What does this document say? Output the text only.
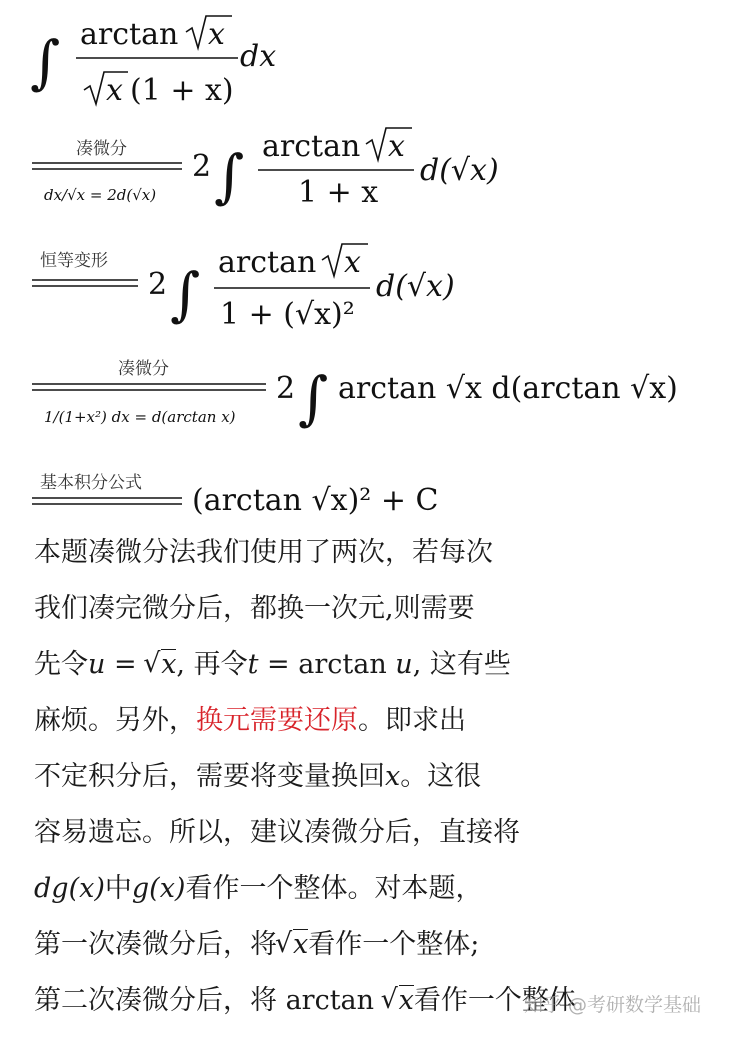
∫ arctan x
x (1 + x)
dx
凑微分
dx/√x = 2d(√x)
2 ∫ arctan x
1 + x
d(√x)
恒等变形
2 ∫ arctan x
1 + (√x)²
d(√x)
凑微分
1/(1+x²) dx = d(arctan x)
2 ∫ arctan √x d(arctan √x)
基本积分公式 (arctan √x)² + C
本题凑微分法我们使用了两次，若每次
我们凑完微分后，都换一次元,则需要
先令u = √ x, 再令t = arctan u, 这有些
麻烦。另外，换元需要还原。即求出
不定积分后，需要将变量换回x。这很
容易遗忘。所以，建议凑微分后，直接将
dg(x)中g(x)看作一个整体。对本题，
第一次凑微分后，将√ x看作一个整体;
第二次凑微分后，将 arctan √ x看作一个整体
知乎 @考研数学基础
